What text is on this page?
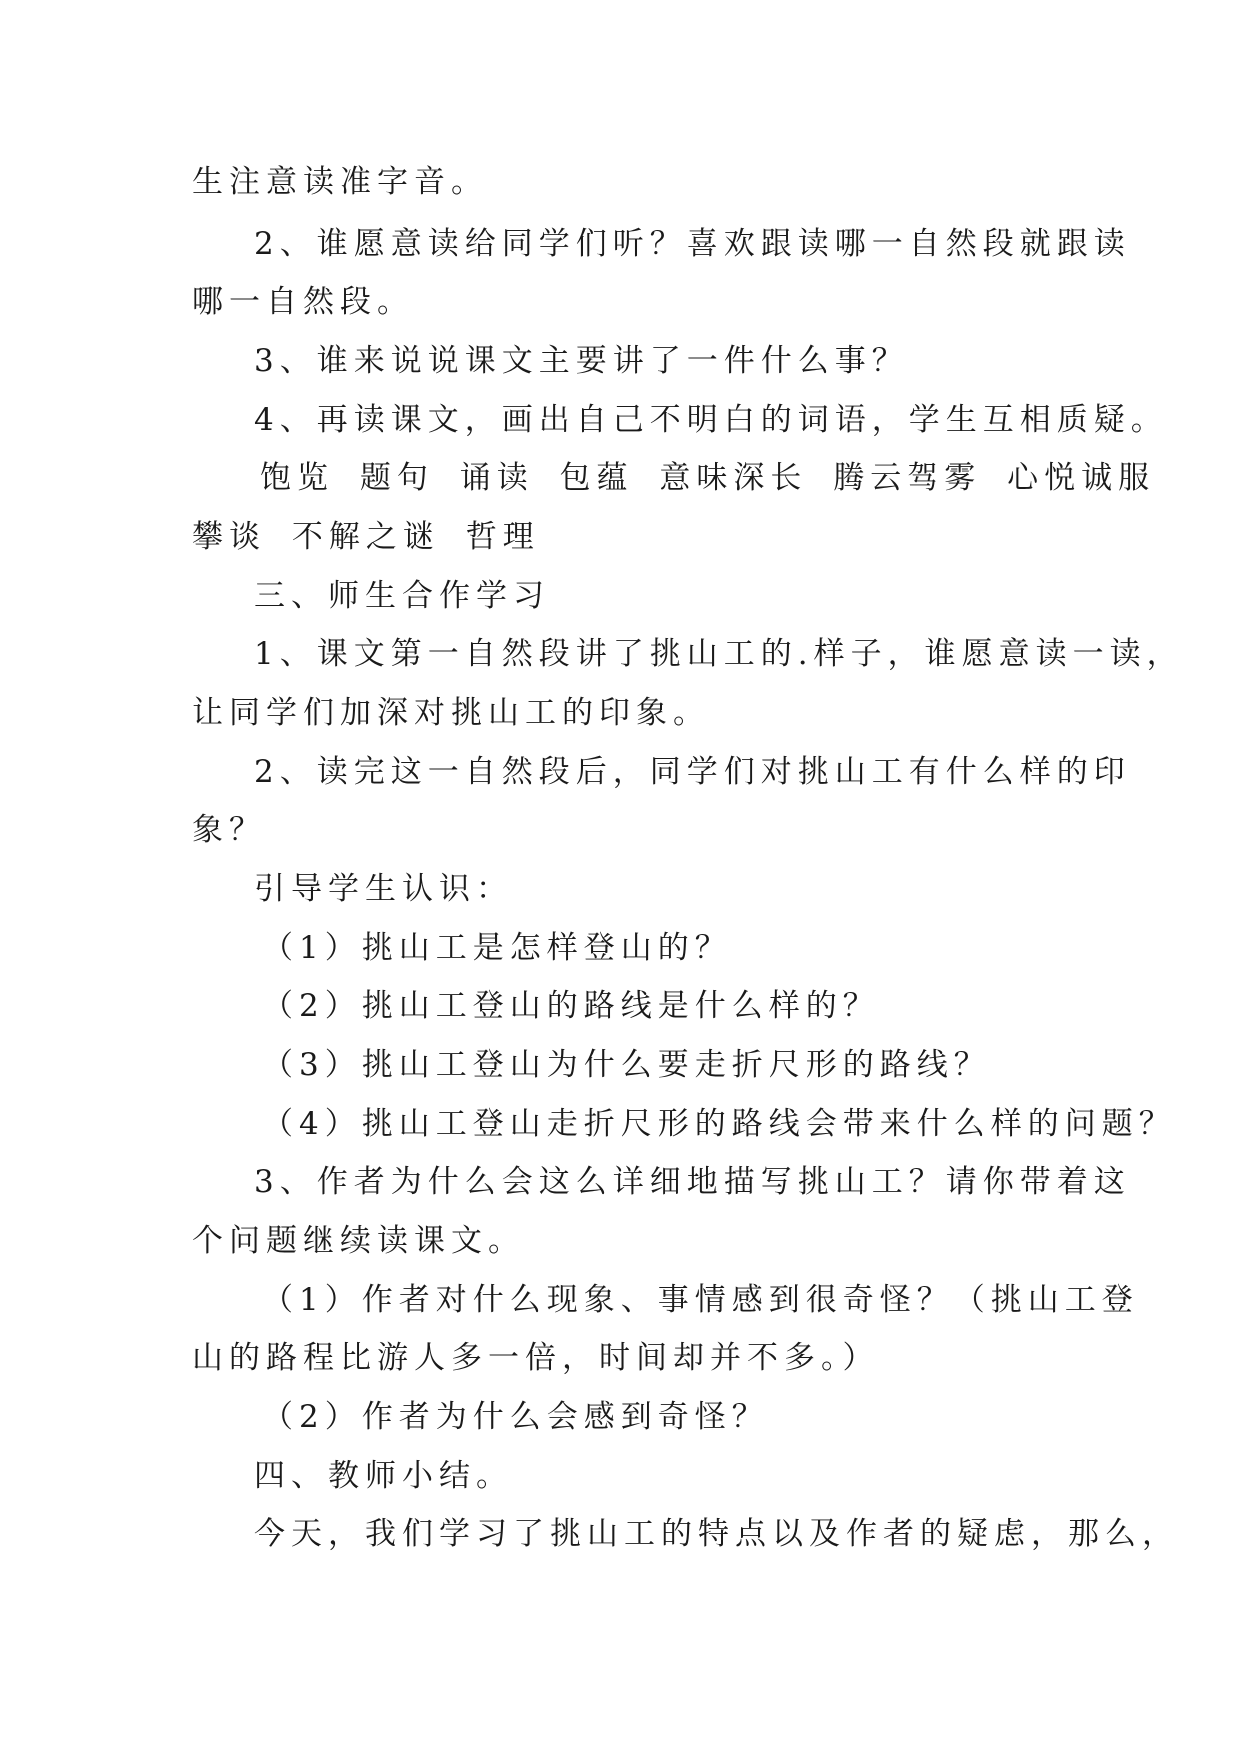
生注意读准字音。

2、谁愿意读给同学们听？喜欢跟读哪一自然段就跟读

哪一自然段。

3、谁来说说课文主要讲了一件什么事？

4、再读课文，画出自己不明白的词语，学生互相质疑。

饱览 题句 诵读 包蕴 意味深长 腾云驾雾 心悦诚服

攀谈 不解之谜 哲理

三、师生合作学习

1、课文第一自然段讲了挑山工的.样子，谁愿意读一读，

让同学们加深对挑山工的印象。

2、读完这一自然段后，同学们对挑山工有什么样的印

象？

引导学生认识：

（1）挑山工是怎样登山的？

（2）挑山工登山的路线是什么样的？

（3）挑山工登山为什么要走折尺形的路线？

（4）挑山工登山走折尺形的路线会带来什么样的问题？

3、作者为什么会这么详细地描写挑山工？请你带着这

个问题继续读课文。

（1）作者对什么现象、事情感到很奇怪？（挑山工登

山的路程比游人多一倍，时间却并不多。）

（2）作者为什么会感到奇怪？

四、教师小结。

今天，我们学习了挑山工的特点以及作者的疑虑，那么，
